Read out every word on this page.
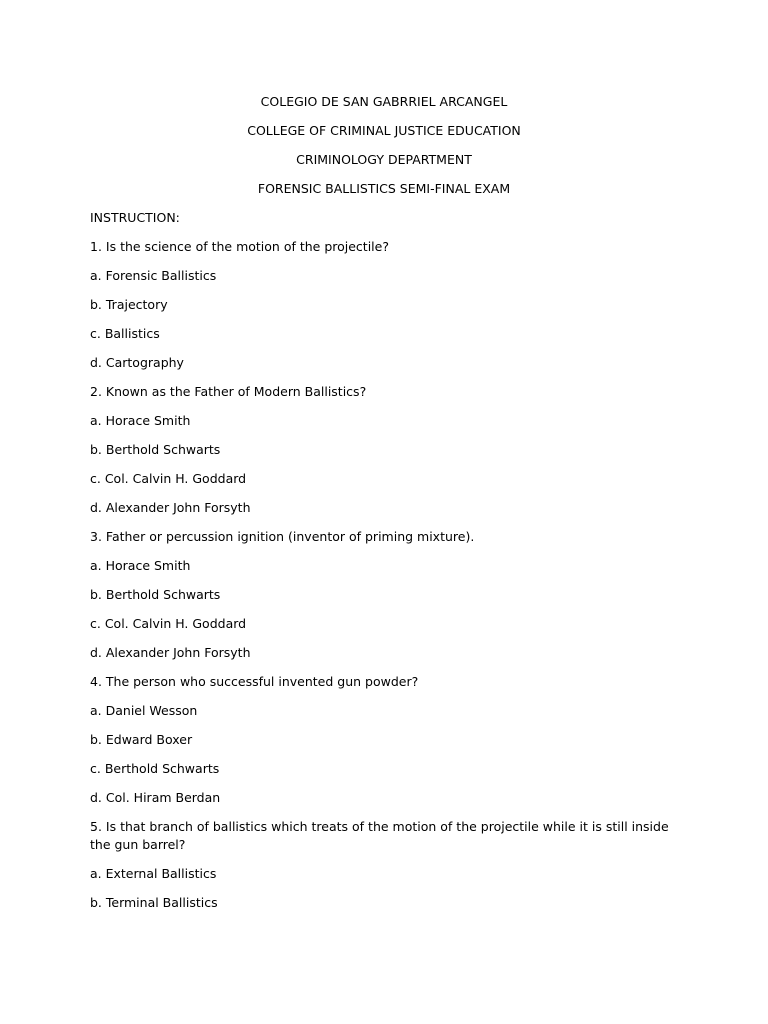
COLEGIO DE SAN GABRRIEL ARCANGEL
COLLEGE OF CRIMINAL JUSTICE EDUCATION
CRIMINOLOGY DEPARTMENT
FORENSIC BALLISTICS SEMI-FINAL EXAM
INSTRUCTION:
1. Is the science of the motion of the projectile?
a. Forensic Ballistics
b. Trajectory
c. Ballistics
d. Cartography
2. Known as the Father of Modern Ballistics?
a. Horace Smith
b. Berthold Schwarts
c. Col. Calvin H. Goddard
d. Alexander John Forsyth
3. Father or percussion ignition (inventor of priming mixture).
a. Horace Smith
b. Berthold Schwarts
c. Col. Calvin H. Goddard
d. Alexander John Forsyth
4. The person who successful invented gun powder?
a. Daniel Wesson
b. Edward Boxer
c. Berthold Schwarts
d. Col. Hiram Berdan
5. Is that branch of ballistics which treats of the motion of the projectile while it is still inside the gun barrel?
a. External Ballistics
b. Terminal Ballistics
